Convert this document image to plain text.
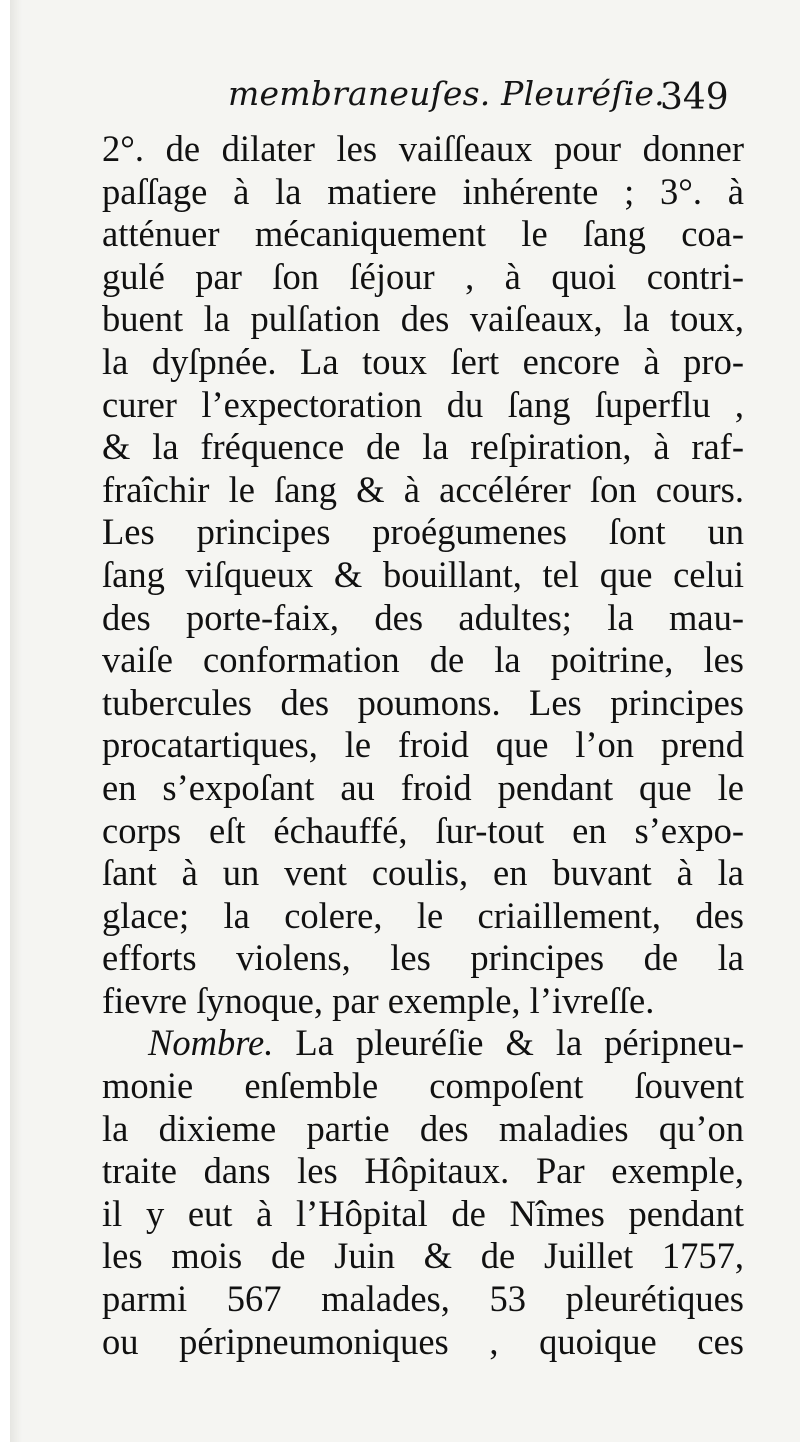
membraneuſes. Pleuréſie.
349
2°. de dilater les vaiſſeaux pour donner
paſſage à la matiere inhérente ; 3°. à
atténuer mécaniquement le ſang coa-
gulé par ſon ſéjour , à quoi contri-
buent la pulſation des vaiſeaux, la toux,
la dyſpnée. La toux ſert encore à pro-
curer l’expectoration du ſang ſuperflu ,
& la fréquence de la reſpiration, à raf-
fraîchir le ſang & à accélérer ſon cours.
Les principes proégumenes ſont un
ſang viſqueux & bouillant, tel que celui
des porte-faix, des adultes; la mau-
vaiſe conformation de la poitrine, les
tubercules des poumons. Les principes
procatartiques, le froid que l’on prend
en s’expoſant au froid pendant que le
corps eſt échauffé, ſur-tout en s’expo-
ſant à un vent coulis, en buvant à la
glace; la colere, le criaillement, des
efforts violens, les principes de la
fievre ſynoque, par exemple, l’ivreſſe.
Nombre. La pleuréſie & la péripneu-
monie enſemble compoſent ſouvent
la dixieme partie des maladies qu’on
traite dans les Hôpitaux. Par exemple,
il y eut à l’Hôpital de Nîmes pendant
les mois de Juin & de Juillet 1757,
parmi 567 malades, 53 pleurétiques
ou péripneumoniques , quoique ces
